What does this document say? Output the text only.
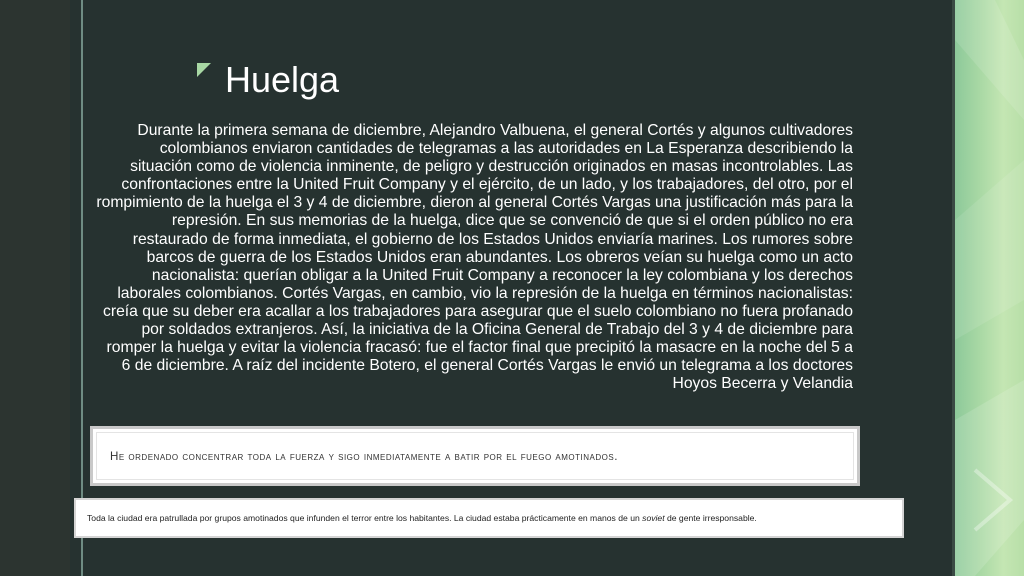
Huelga
Durante la primera semana de diciembre, Alejandro Valbuena, el general Cortés y algunos cultivadores colombianos enviaron cantidades de telegramas a las autoridades en La Esperanza describiendo la situación como de violencia inminente, de peligro y destrucción originados en masas incontrolables. Las confrontaciones entre la United Fruit Company y el ejército, de un lado, y los trabajadores, del otro, por el rompimiento de la huelga el 3 y 4 de diciembre, dieron al general Cortés Vargas una justificación más para la represión. En sus memorias de la huelga, dice que se convenció de que si el orden público no era restaurado de forma inmediata, el gobierno de los Estados Unidos enviaría marines. Los rumores sobre barcos de guerra de los Estados Unidos eran abundantes. Los obreros veían su huelga como un acto nacionalista: querían obligar a la United Fruit Company a reconocer la ley colombiana y los derechos laborales colombianos. Cortés Vargas, en cambio, vio la represión de la huelga en términos nacionalistas: creía que su deber era acallar a los trabajadores para asegurar que el suelo colombiano no fuera profanado por soldados extranjeros. Así, la iniciativa de la Oficina General de Trabajo del 3 y 4 de diciembre para romper la huelga y evitar la violencia fracasó: fue el factor final que precipitó la masacre en la noche del 5 a 6 de diciembre. A raíz del incidente Botero, el general Cortés Vargas le envió un telegrama a los doctores Hoyos Becerra y Velandia
He ordenado concentrar toda la fuerza y sigo inmediatamente a batir por el fuego amotinados.
Toda la ciudad era patrullada por grupos amotinados que infunden el terror entre los habitantes. La ciudad estaba prácticamente en manos de un soviet de gente irresponsable.
